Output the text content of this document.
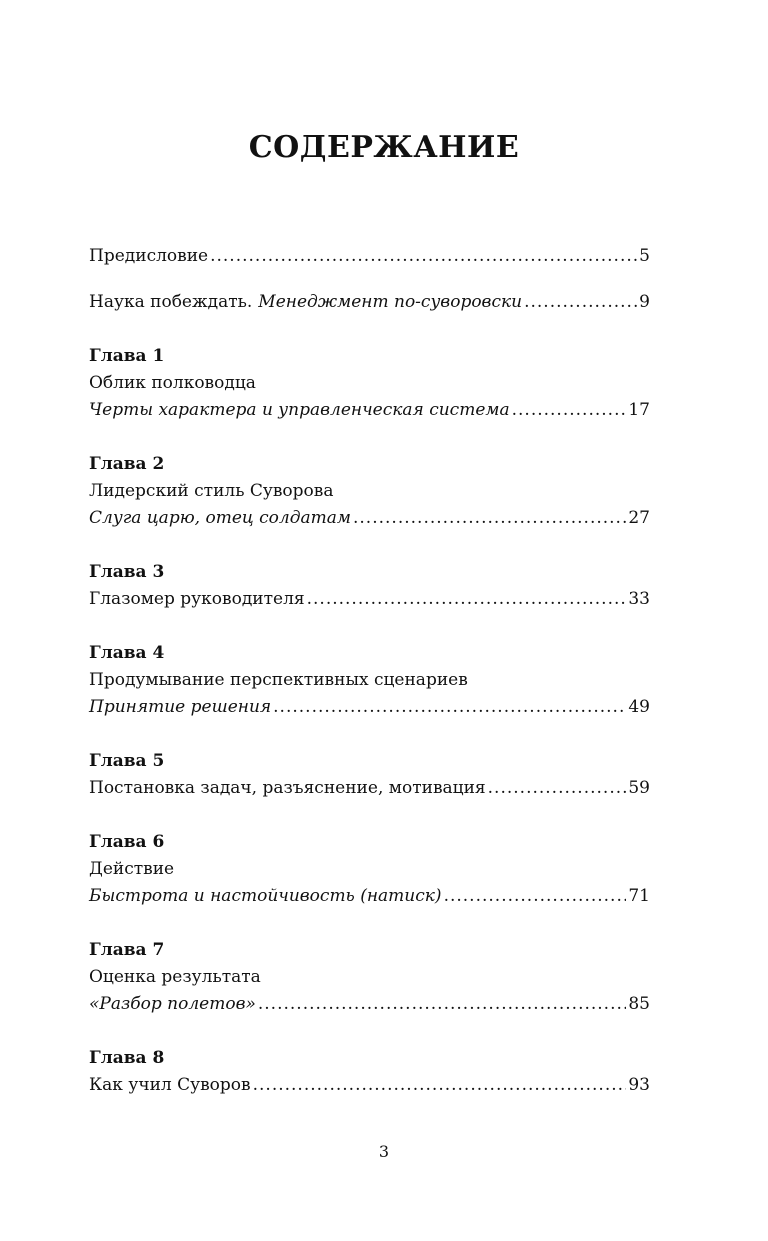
СОДЕРЖАНИЕ
Предисловие .....	5
Наука побеждать. Менеджмент по-суворовски .....	9
Глава 1
Облик полководца
Черты характера и управленческая система .....	17
Глава 2
Лидерский стиль Суворова
Слуга царю, отец солдатам .....	27
Глава 3
Глазомер руководителя .....	33
Глава 4
Продумывание перспективных сценариев
Принятие решения .....	49
Глава 5
Постановка задач, разъяснение, мотивация .....	59
Глава 6
Действие
Быстрота и настойчивость (натиск) .....	71
Глава 7
Оценка результата
«Разбор полетов» .....	85
Глава 8
Как учил Суворов .....	93
3
